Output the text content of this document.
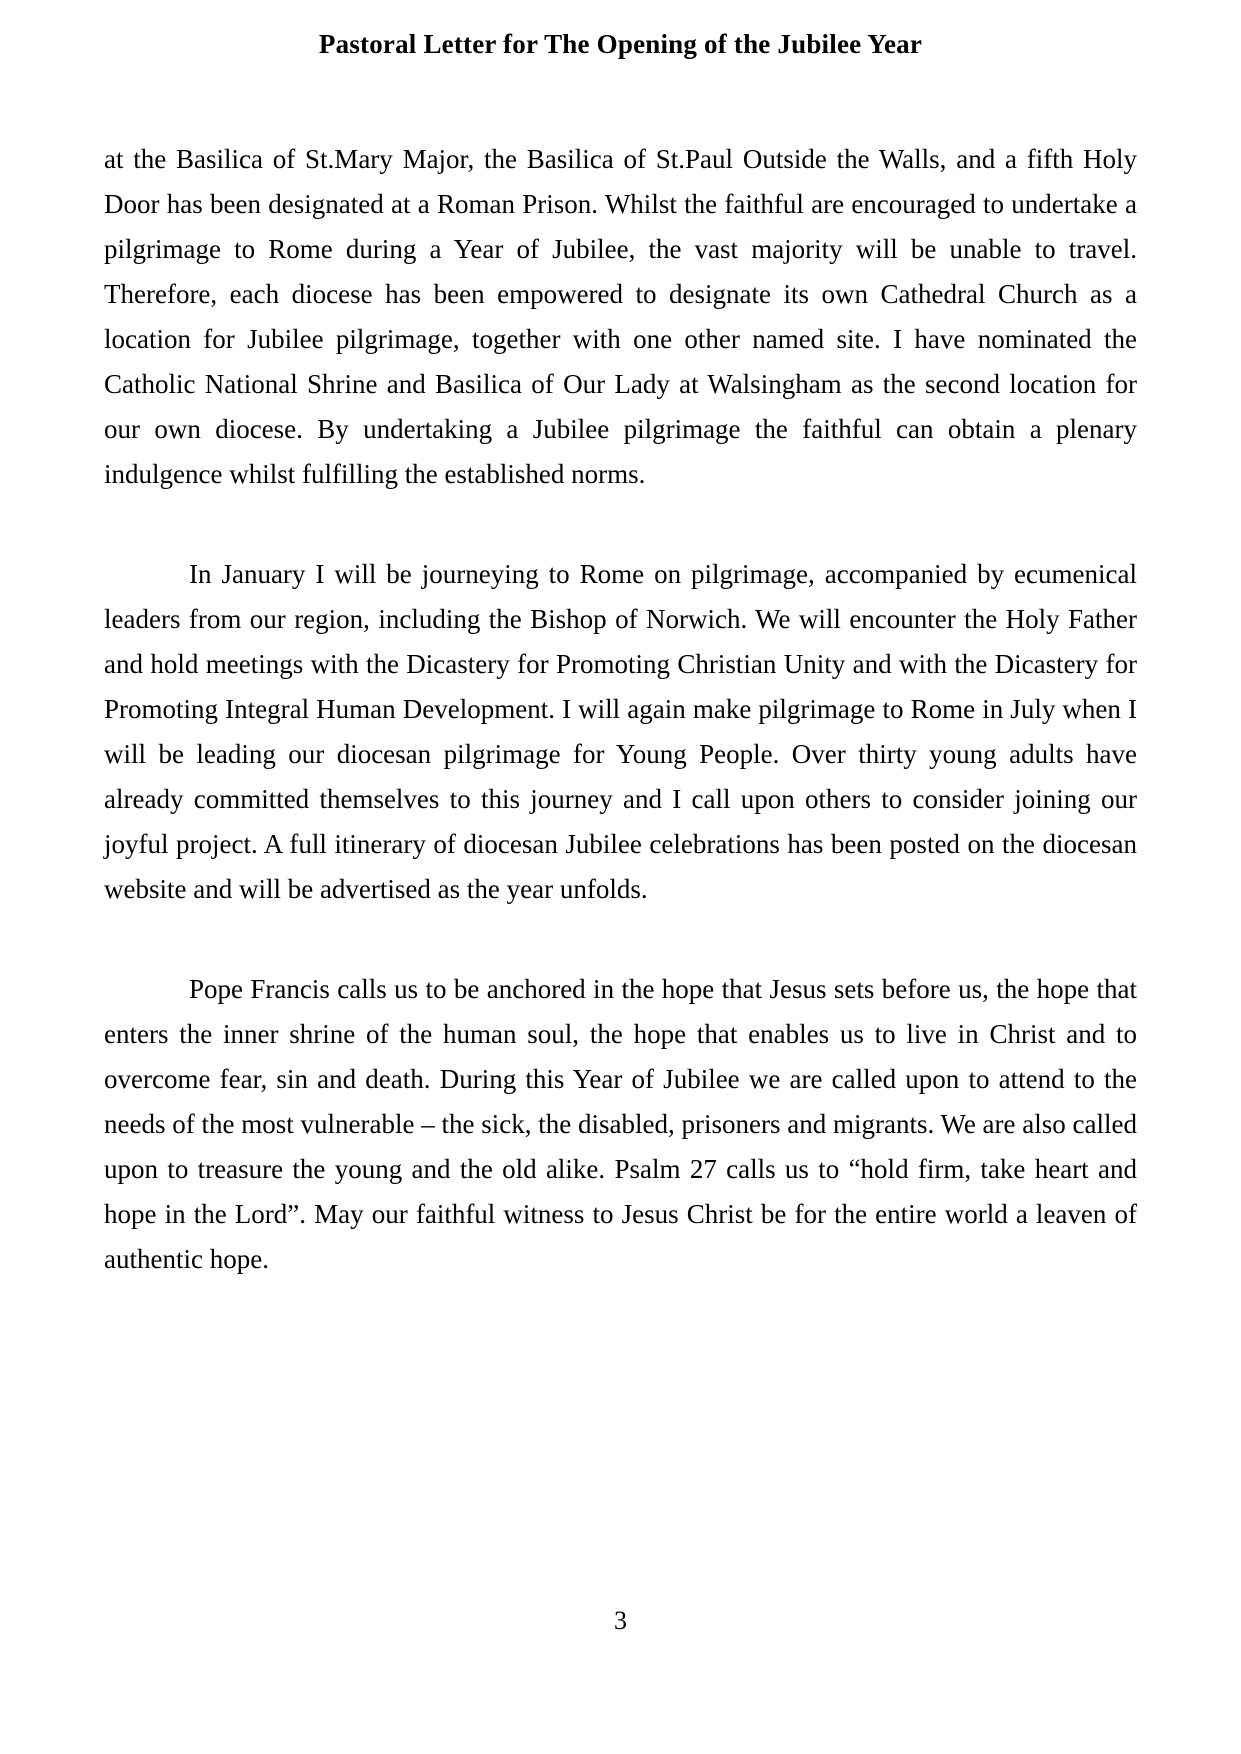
Pastoral Letter for The Opening of the Jubilee Year

at the Basilica of St.Mary Major, the Basilica of St.Paul Outside the Walls, and a fifth Holy Door has been designated at a Roman Prison. Whilst the faithful are encouraged to undertake a pilgrimage to Rome during a Year of Jubilee, the vast majority will be unable to travel. Therefore, each diocese has been empowered to designate its own Cathedral Church as a location for Jubilee pilgrimage, together with one other named site. I have nominated the Catholic National Shrine and Basilica of Our Lady at Walsingham as the second location for our own diocese. By undertaking a Jubilee pilgrimage the faithful can obtain a plenary indulgence whilst fulfilling the established norms.

In January I will be journeying to Rome on pilgrimage, accompanied by ecumenical leaders from our region, including the Bishop of Norwich. We will encounter the Holy Father and hold meetings with the Dicastery for Promoting Christian Unity and with the Dicastery for Promoting Integral Human Development. I will again make pilgrimage to Rome in July when I will be leading our diocesan pilgrimage for Young People. Over thirty young adults have already committed themselves to this journey and I call upon others to consider joining our joyful project. A full itinerary of diocesan Jubilee celebrations has been posted on the diocesan website and will be advertised as the year unfolds.

Pope Francis calls us to be anchored in the hope that Jesus sets before us, the hope that enters the inner shrine of the human soul, the hope that enables us to live in Christ and to overcome fear, sin and death. During this Year of Jubilee we are called upon to attend to the needs of the most vulnerable – the sick, the disabled, prisoners and migrants. We are also called upon to treasure the young and the old alike. Psalm 27 calls us to “hold firm, take heart and hope in the Lord”. May our faithful witness to Jesus Christ be for the entire world a leaven of authentic hope.

3
